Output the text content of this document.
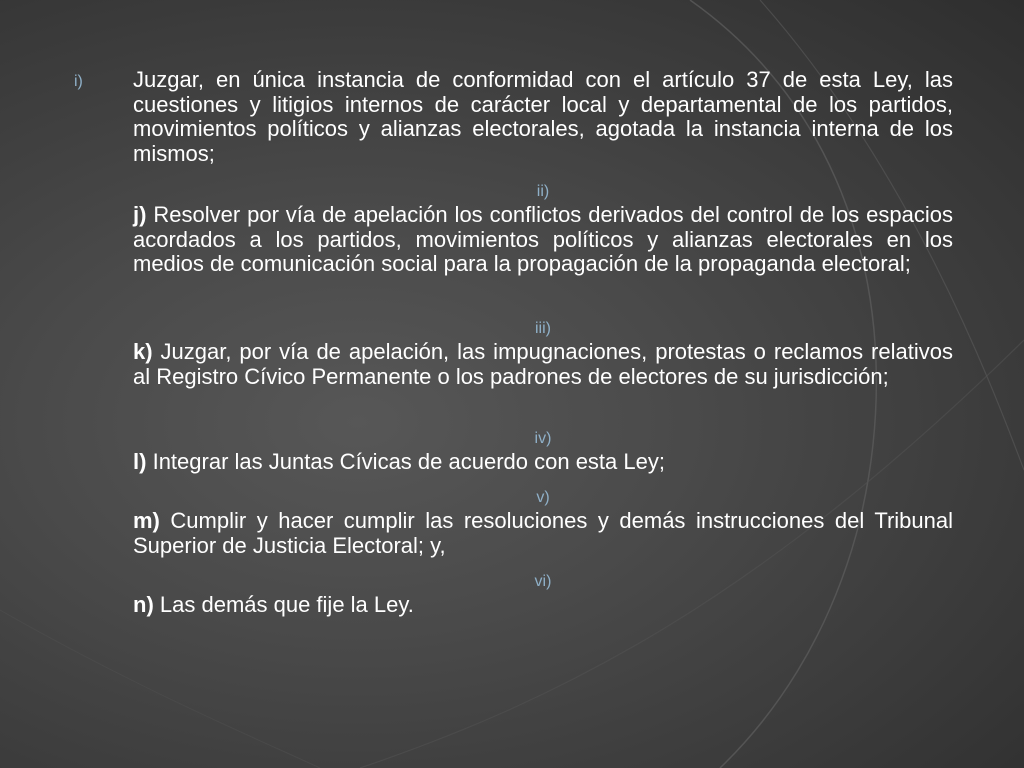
i) Juzgar, en única instancia de conformidad con el artículo 37 de esta Ley, las cuestiones y litigios internos de carácter local y departamental de los partidos, movimientos políticos y alianzas electorales, agotada la instancia interna de los mismos;

ii)

j) Resolver por vía de apelación los conflictos derivados del control de los espacios acordados a los partidos, movimientos políticos y alianzas electorales en los medios de comunicación social para la propagación de la propaganda electoral;

iii)

k) Juzgar, por vía de apelación, las impugnaciones, protestas o reclamos relativos al Registro Cívico Permanente o los padrones de electores de su jurisdicción;

iv)

l) Integrar las Juntas Cívicas de acuerdo con esta Ley;

v)

m) Cumplir y hacer cumplir las resoluciones y demás instrucciones del Tribunal Superior de Justicia Electoral; y,

vi)

n) Las demás que fije la Ley.
